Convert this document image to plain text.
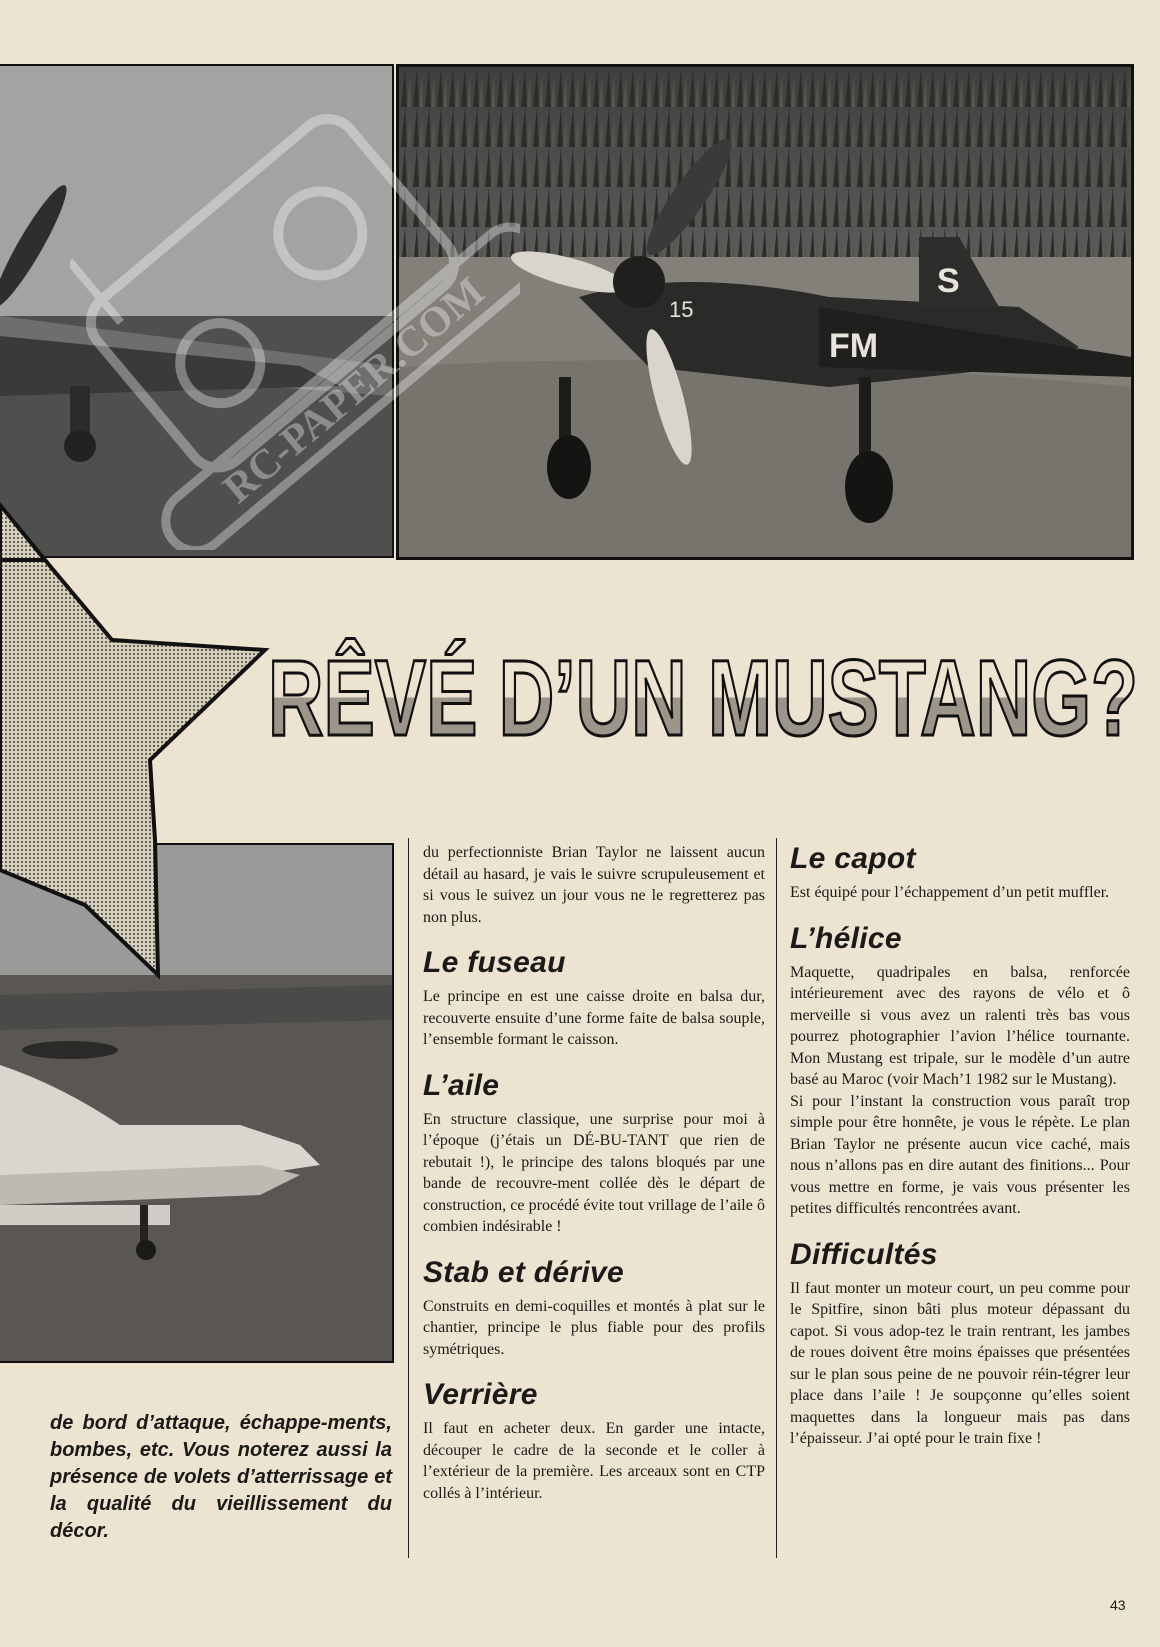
S
15
FM
RC-PAPER.COM
RÊVÉ D’UN MUSTANG?

du perfectionniste Brian Taylor ne laissent aucun détail au hasard, je vais le suivre scrupuleusement et si vous le suivez un jour vous ne le regretterez pas non plus.

Le fuseau

Le principe en est une caisse droite en balsa dur, recouverte ensuite d’une forme faite de balsa souple, l’ensemble formant le caisson.

L’aile

En structure classique, une surprise pour moi à l’époque (j’étais un DÉ-BU-TANT que rien de rebutait !), le principe des talons bloqués par une bande de recouvre-ment collée dès le départ de construction, ce procédé évite tout vrillage de l’aile ô combien indésirable !

Stab et dérive

Construits en demi-coquilles et montés à plat sur le chantier, principe le plus fiable pour des profils symétriques.

Verrière

Il faut en acheter deux. En garder une intacte, découper le cadre de la seconde et le coller à l’extérieur de la première. Les arceaux sont en CTP collés à l’intérieur.

Le capot

Est équipé pour l’échappement d’un petit muffler.

L’hélice

Maquette, quadripales en balsa, renforcée intérieurement avec des rayons de vélo et ô merveille si vous avez un ralenti très bas vous pourrez photographier l’avion l’hélice tournante. Mon Mustang est tripale, sur le modèle d’un autre basé au Maroc (voir Mach’1 1982 sur le Mustang).

Si pour l’instant la construction vous paraît trop simple pour être honnête, je vous le répète. Le plan Brian Taylor ne présente aucun vice caché, mais nous n’allons pas en dire autant des finitions... Pour vous mettre en forme, je vais vous présenter les petites difficultés rencontrées avant.

Difficultés

Il faut monter un moteur court, un peu comme pour le Spitfire, sinon bâti plus moteur dépassant du capot. Si vous adop-tez le train rentrant, les jambes de roues doivent être moins épaisses que présentées sur le plan sous peine de ne pouvoir réin-tégrer leur place dans l’aile ! Je soupçonne qu’elles soient maquettes dans la longueur mais pas dans l’épaisseur. J’ai opté pour le train fixe !

de bord d’attaque, échappe-ments, bombes, etc. Vous noterez aussi la présence de volets d’atterrissage et la qualité du vieillissement du décor.
43
